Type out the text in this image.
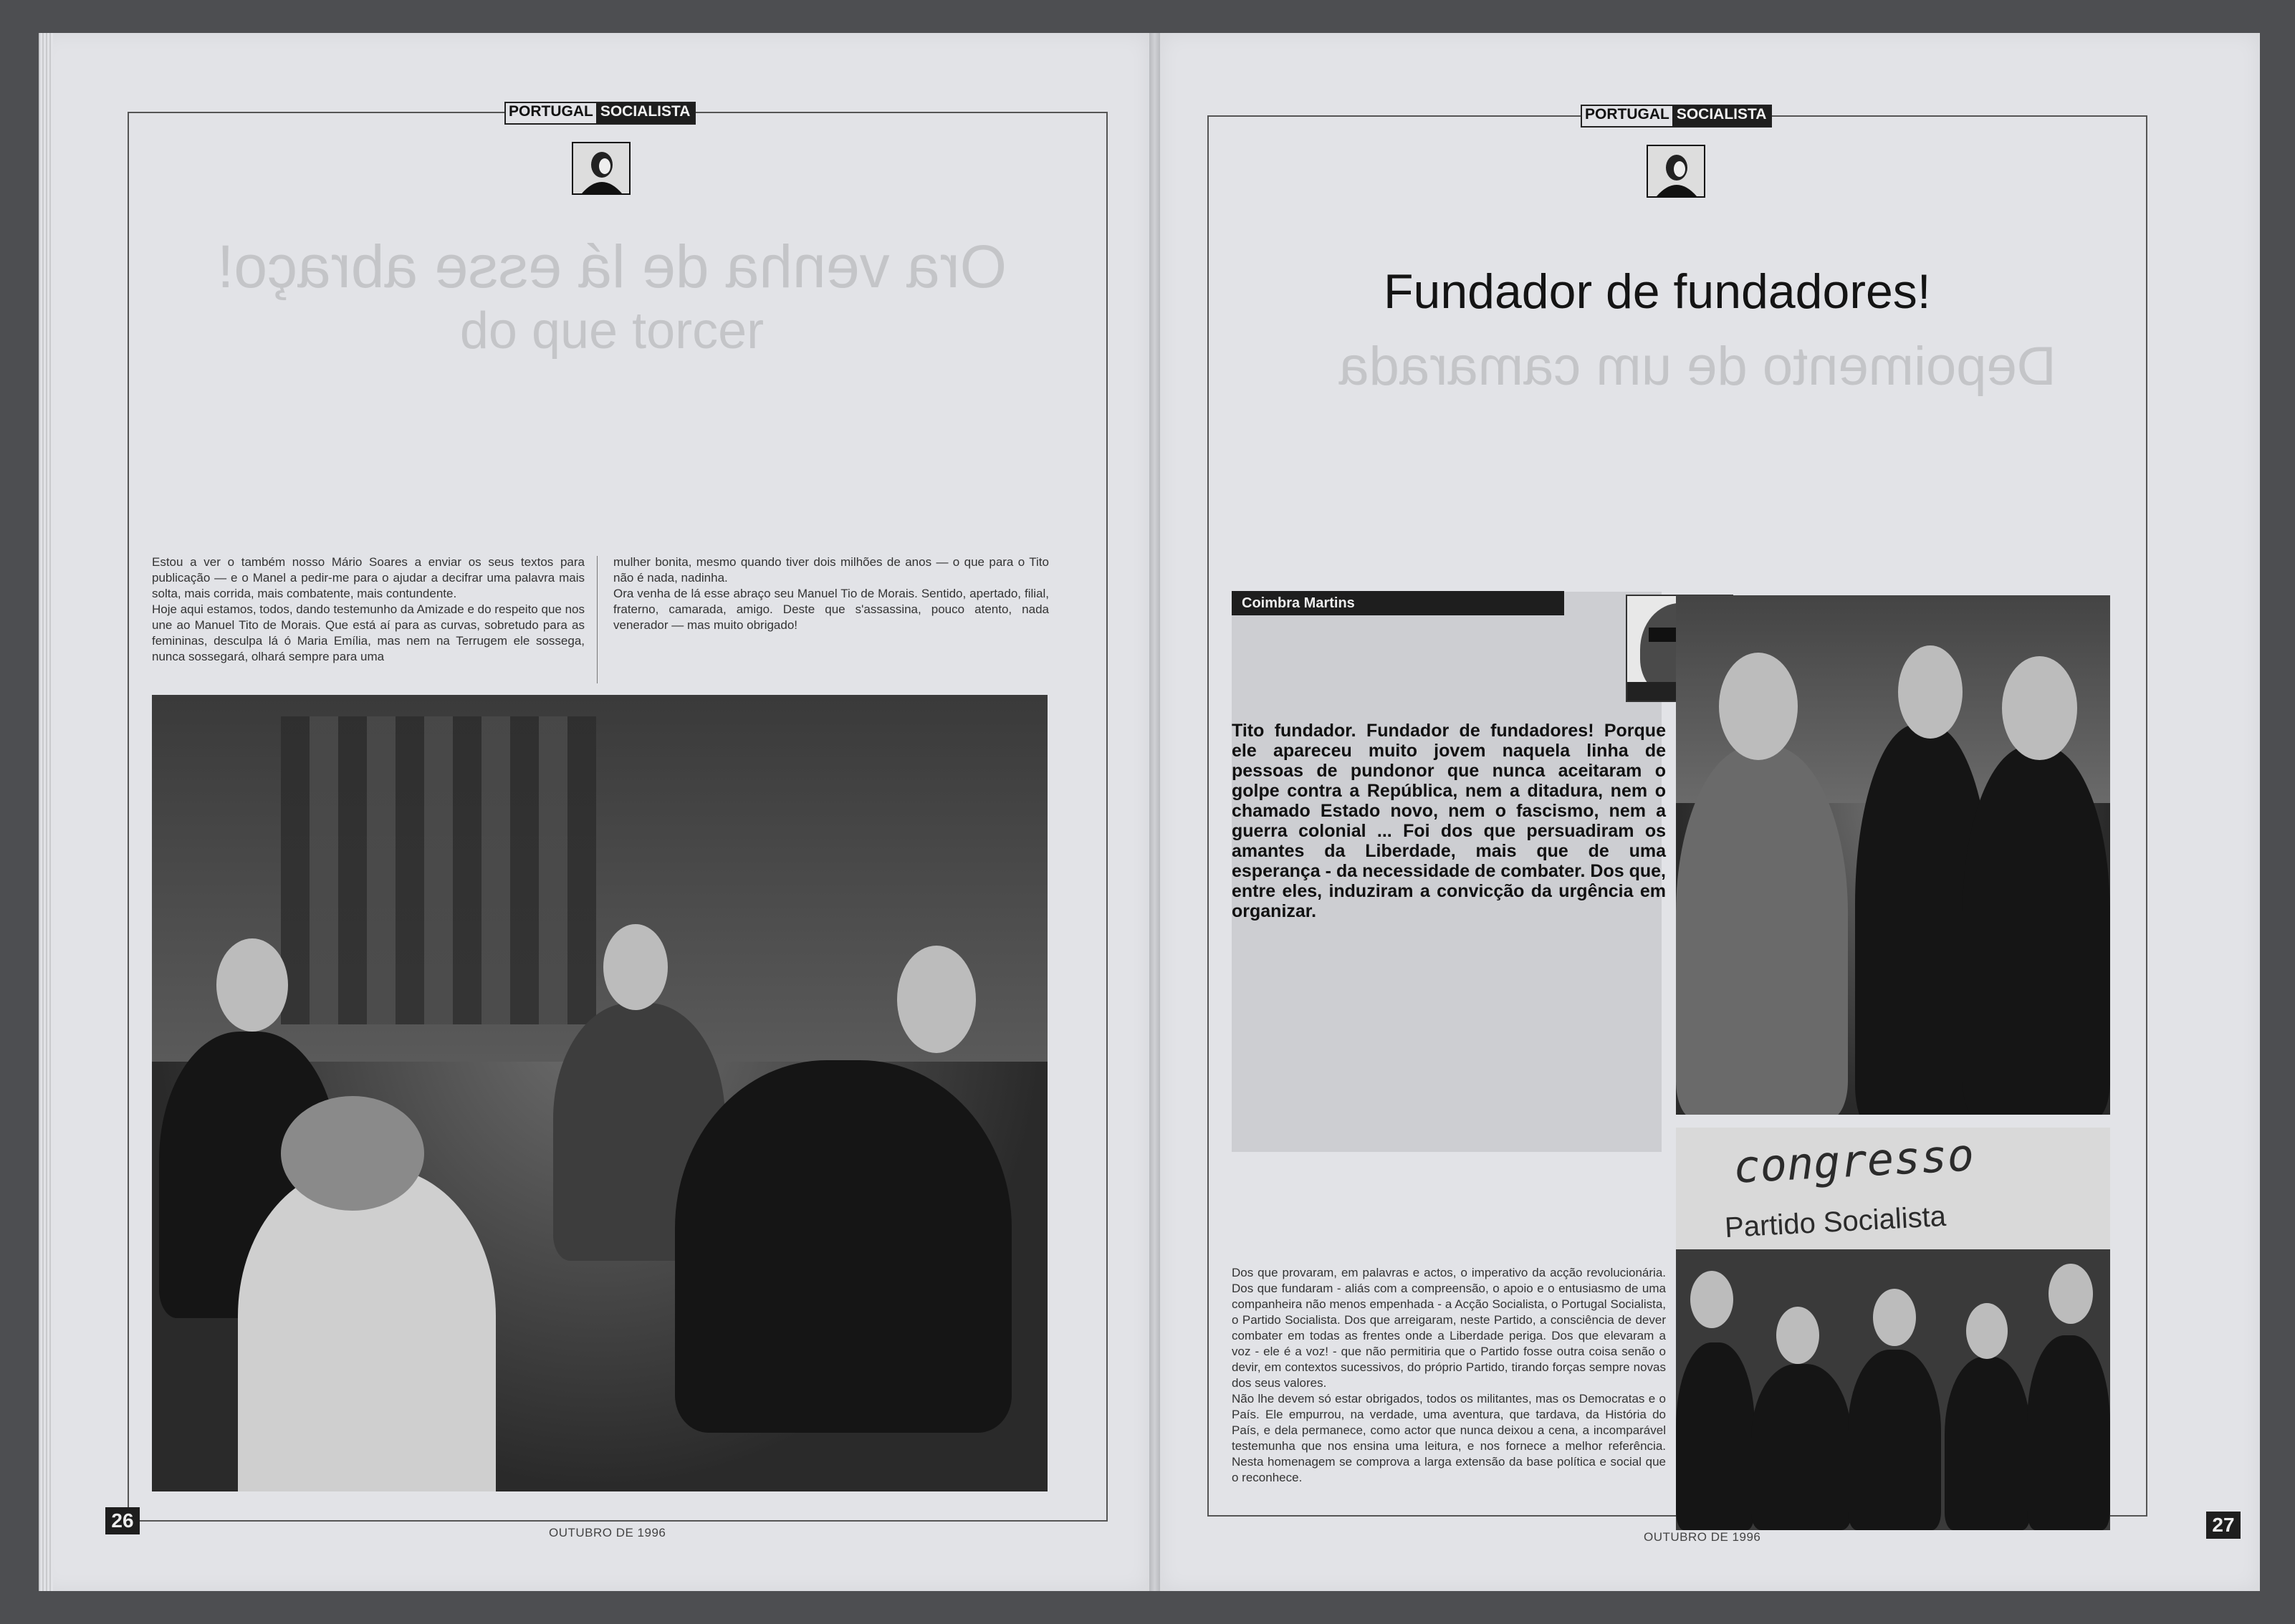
PORTUGAL SOCIALISTA
Ora venha de lá esse abraço!
do que torcer

Estou a ver o também nosso Mário Soares a enviar os seus textos para publicação — e o Manel a pedir-me para o ajudar a decifrar uma palavra mais solta, mais corrida, mais combatente, mais contundente.

Hoje aqui estamos, todos, dando testemunho da Amizade e do respeito que nos une ao Manuel Tito de Morais. Que está aí para as curvas, sobretudo para as femininas, desculpa lá ó Maria Emília, mas nem na Terrugem ele sossega, nunca sossegará, olhará sempre para uma

mulher bonita, mesmo quando tiver dois milhões de anos — o que para o Tito não é nada, nadinha.

Ora venha de lá esse abraço seu Manuel Tio de Morais. Sentido, apertado, filial, fraterno, camarada, amigo. Deste que s'assassina, pouco atento, nada venerador — mas muito obrigado!

26
OUTUBRO DE 1996
PORTUGAL SOCIALISTA
Fundador de fundadores!
Depoimento de um camarada
Coimbra Martins
Tito fundador. Fundador de fundadores! Porque ele apareceu muito jovem naquela linha de pessoas de pundonor que nunca aceitaram o golpe contra a República, nem a ditadura, nem o chamado Estado novo, nem o fascismo, nem a guerra colonial ... Foi dos que persuadiram os amantes da Liberdade, mais que de uma esperança - da necessidade de combater. Dos que, entre eles, induziram a convicção da urgência em organizar.

Dos que provaram, em palavras e actos, o imperativo da acção revolucionária. Dos que fundaram - aliás com a compreensão, o apoio e o entusiasmo de uma companheira não menos empenhada - a Acção Socialista, o Portugal Socialista, o Partido Socialista. Dos que arreigaram, neste Partido, a consciência de dever combater em todas as frentes onde a Liberdade periga. Dos que elevaram a voz - ele é a voz! - que não permitiria que o Partido fosse outra coisa senão o devir, em contextos sucessivos, do próprio Partido, tirando forças sempre novas dos seus valores.

Não lhe devem só estar obrigados, todos os militantes, mas os Democratas e o País. Ele empurrou, na verdade, uma aventura, que tardava, da História do País, e dela permanece, como actor que nunca deixou a cena, a incomparável testemunha que nos ensina uma leitura, e nos fornece a melhor referência. Nesta homenagem se comprova a larga extensão da base política e social que o reconhece.

congresso
Partido Socialista
27
OUTUBRO DE 1996
